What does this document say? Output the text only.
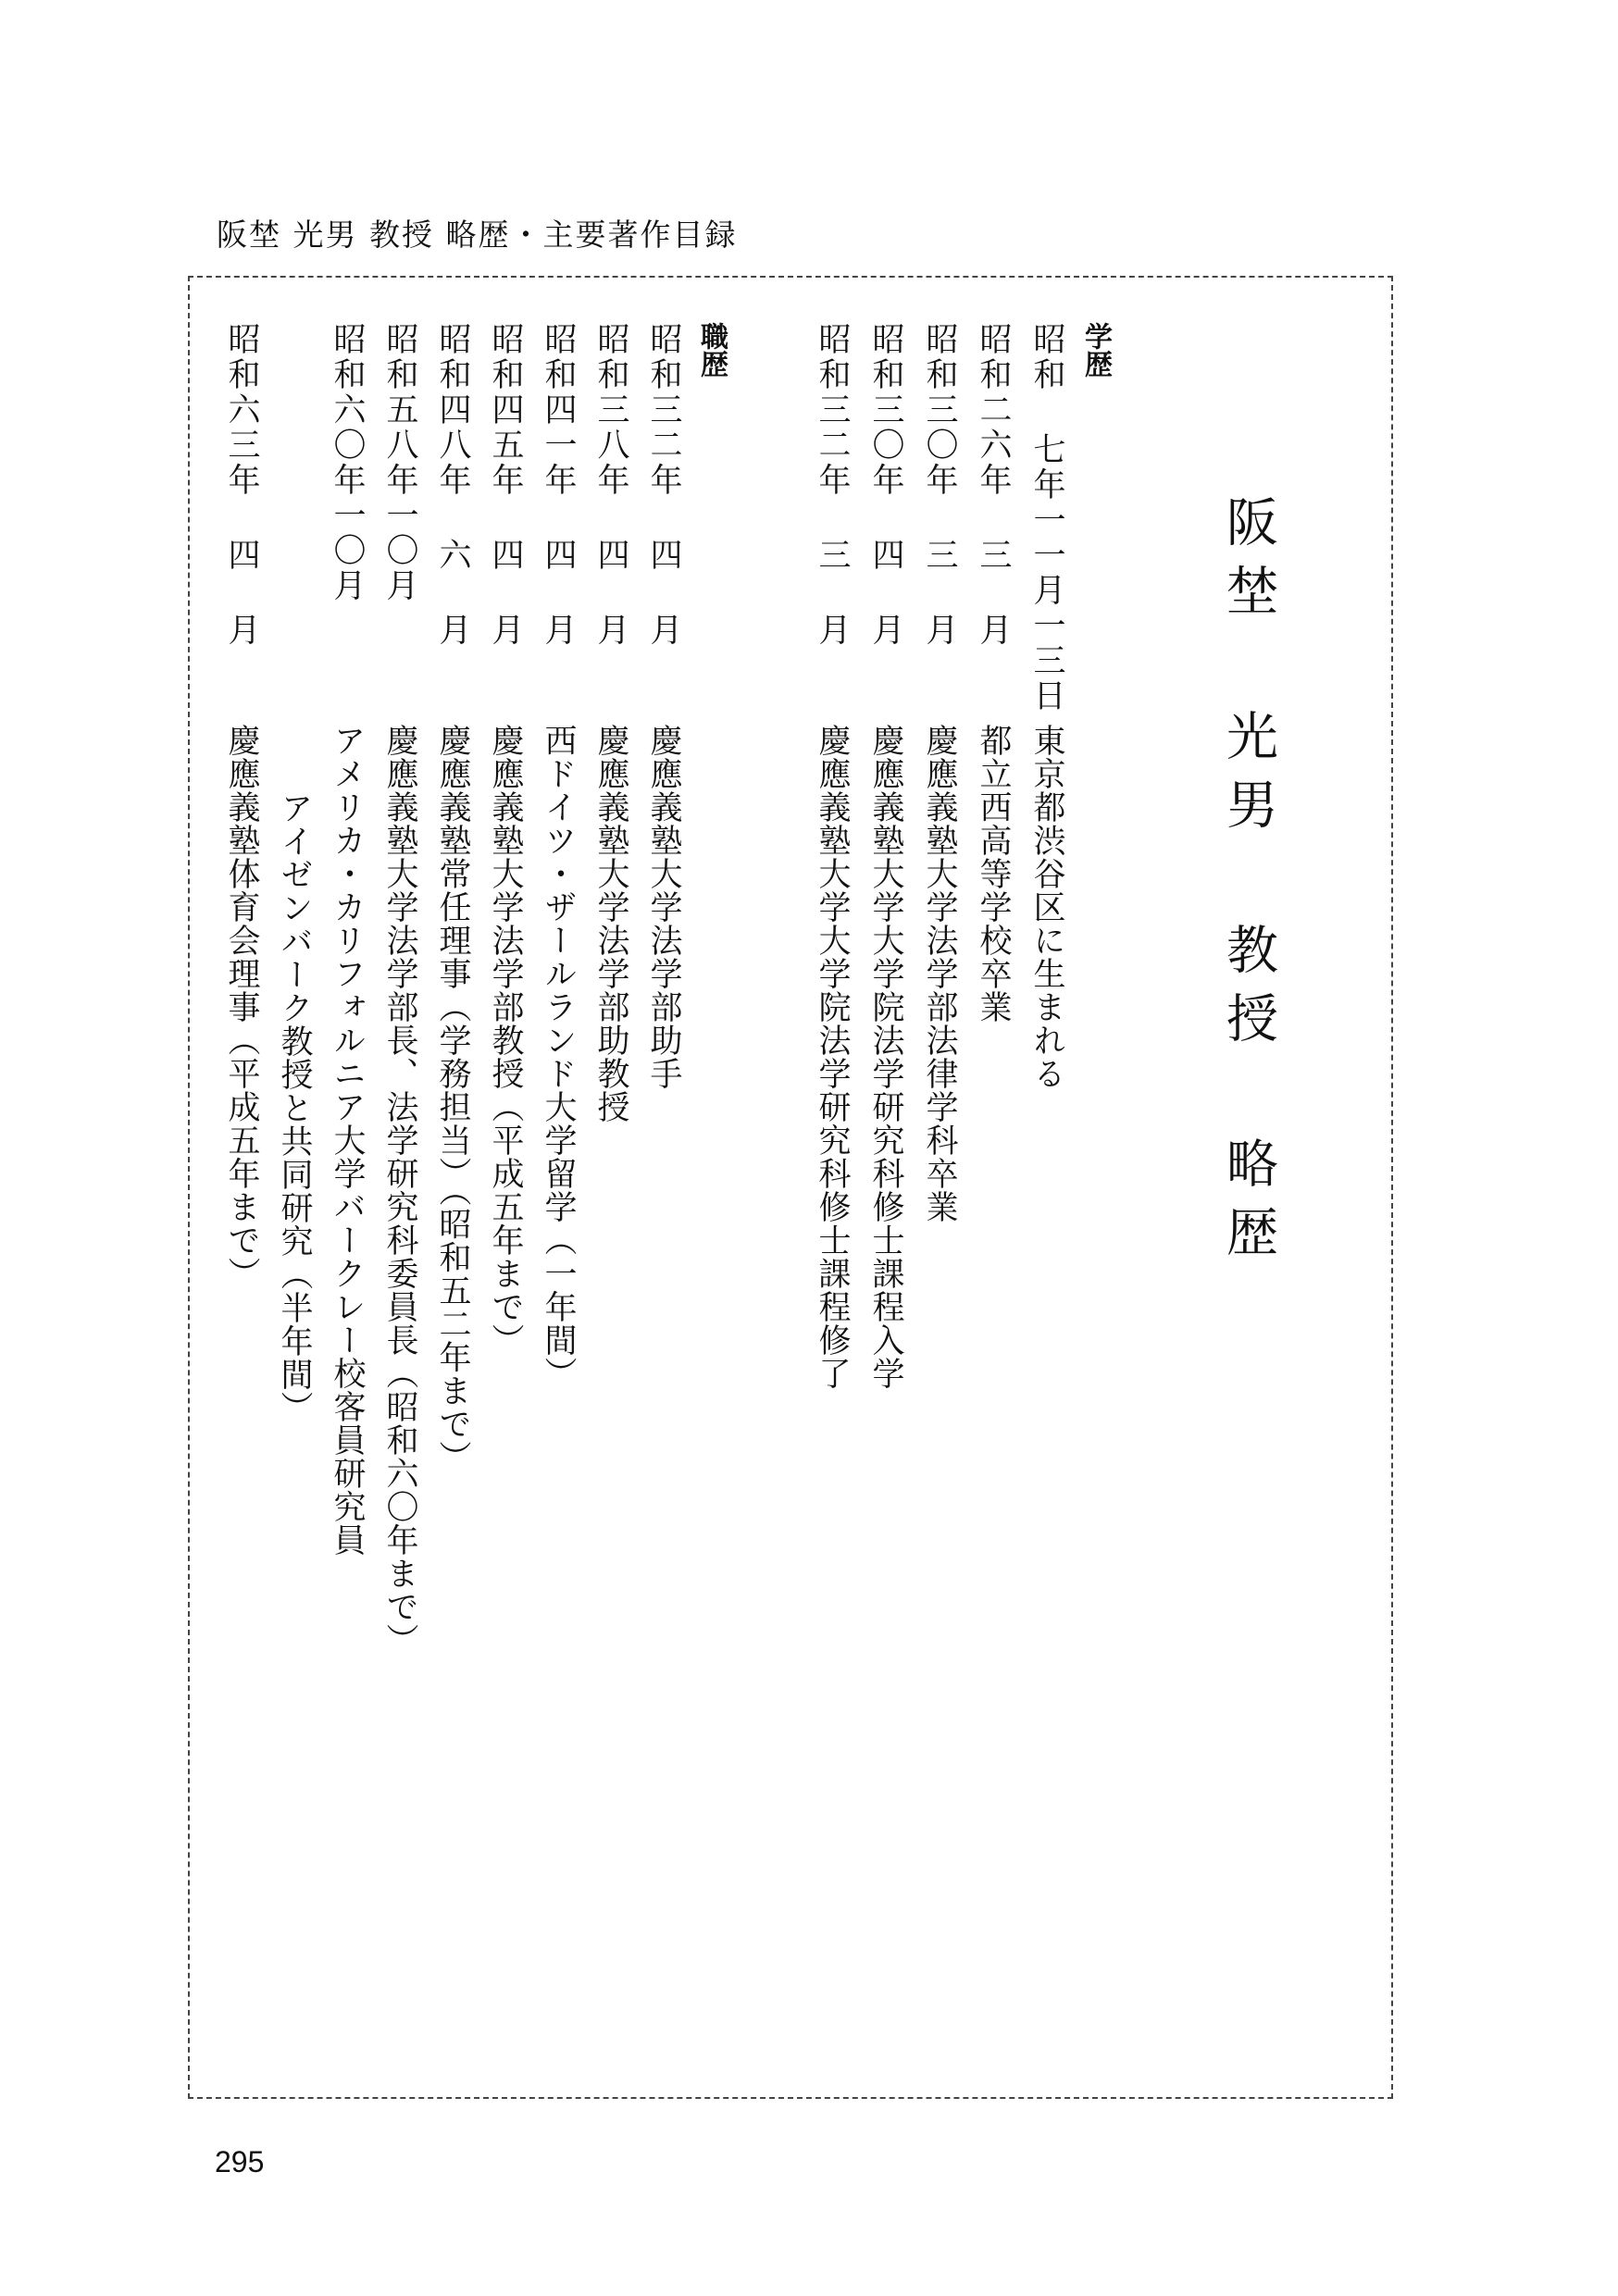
阪埜 光男 教授 略歴・主要著作目録
阪埜 光男 教授 略歴
学歴
昭和 七年一一月一三日
東京都渋谷区に生まれる
昭和二六年 三 月
都立西高等学校卒業
昭和三〇年 三 月
慶應義塾大学法学部法律学科卒業
昭和三〇年 四 月
慶應義塾大学大学院法学研究科修士課程入学
昭和三二年 三 月
慶應義塾大学大学院法学研究科修士課程修了
職歴
昭和三二年 四 月
慶應義塾大学法学部助手
昭和三八年 四 月
慶應義塾大学法学部助教授
昭和四一年 四 月
西ドイツ・ザールランド大学留学（一年間）
昭和四五年 四 月
慶應義塾大学法学部教授（平成五年まで）
昭和四八年 六 月
慶應義塾常任理事（学務担当）（昭和五二年まで）
昭和五八年一〇月
慶應義塾大学法学部長、法学研究科委員長（昭和六〇年まで）
昭和六〇年一〇月
アメリカ・カリフォルニア大学バークレー校客員研究員
アイゼンバーク教授と共同研究（半年間）
昭和六三年 四 月
慶應義塾体育会理事（平成五年まで）
295
